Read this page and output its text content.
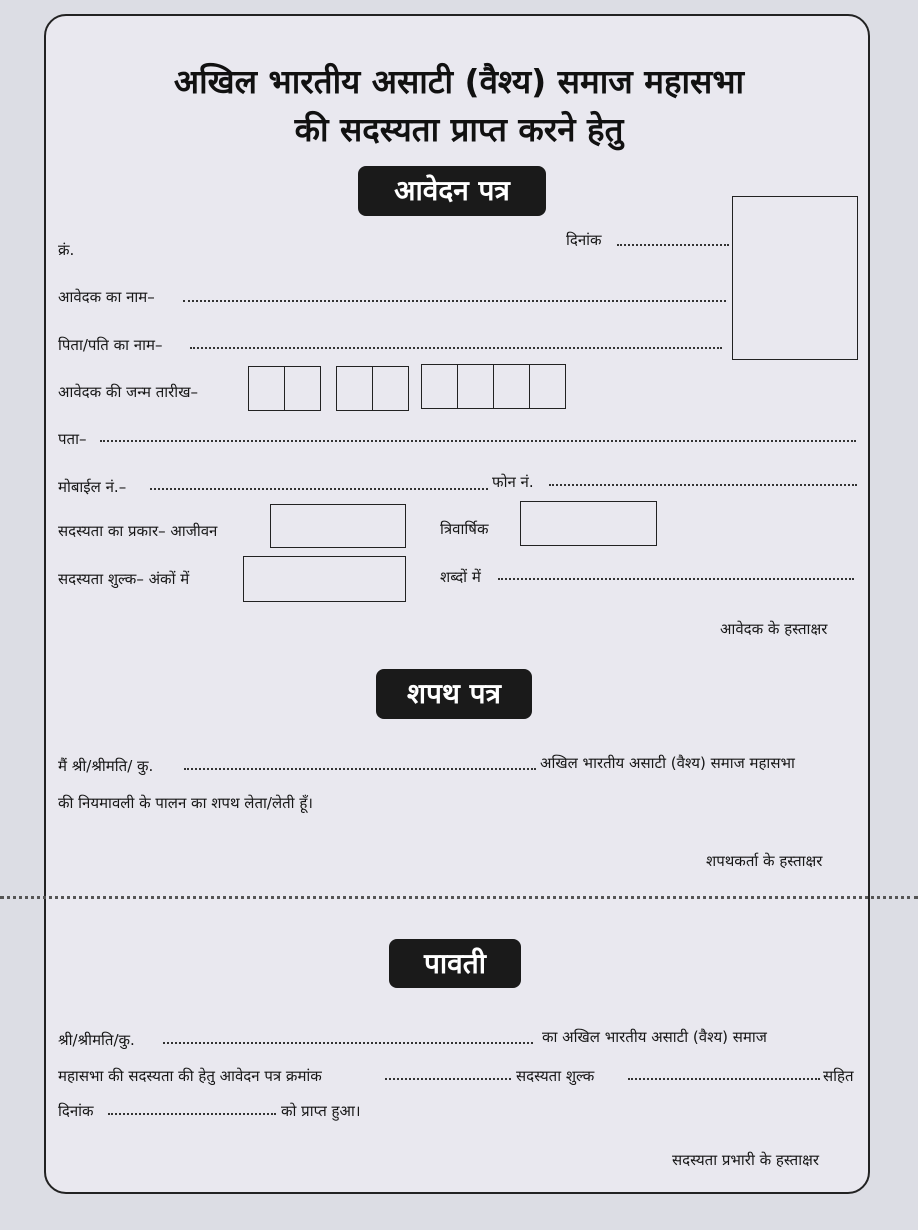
अखिल भारतीय असाटी (वैश्य) समाज महासभा
की सदस्यता प्राप्त करने हेतु
आवेदन पत्र
क्रं.
दिनांक
आवेदक का नाम–
पिता/पति का नाम–
आवेदक की जन्म तारीख–
पता–
मोबाईल नं.–	फोन नं.
सदस्यता का प्रकार– आजीवन	त्रिवार्षिक
सदस्यता शुल्क– अंकों में	शब्दों में
आवेदक के हस्ताक्षर
शपथ पत्र
मैं श्री/श्रीमति/ कु.	अखिल भारतीय असाटी (वैश्य) समाज महासभा
की नियमावली के पालन का शपथ लेता/लेती हूँ।
शपथकर्ता के हस्ताक्षर
पावती
श्री/श्रीमति/कु.	का अखिल भारतीय असाटी (वैश्य) समाज
महासभा की सदस्यता की हेतु आवेदन पत्र क्रमांक	सदस्यता शुल्क	सहित
दिनांक	को प्राप्त हुआ।
सदस्यता प्रभारी के हस्ताक्षर
